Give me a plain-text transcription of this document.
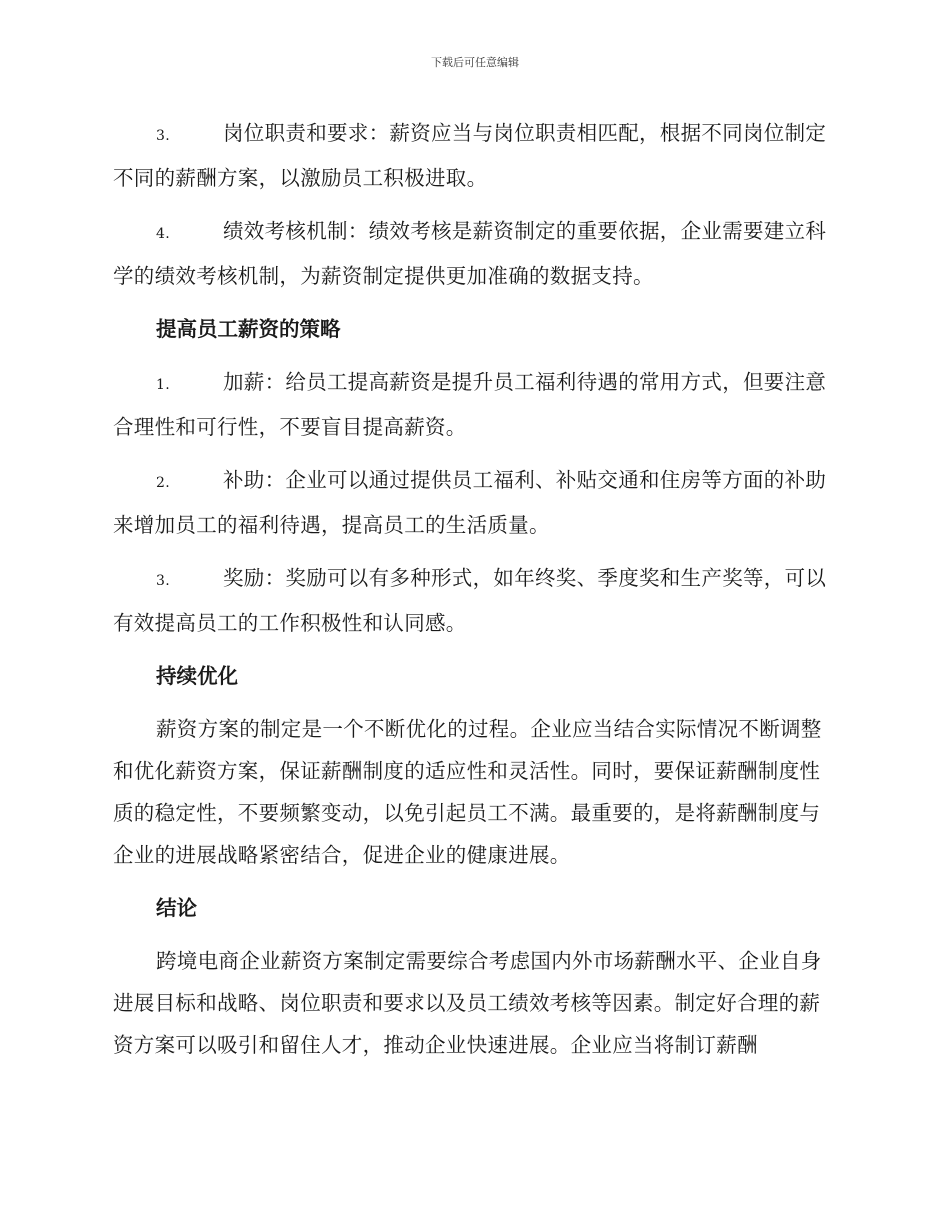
下载后可任意编辑

3.	岗位职责和要求：薪资应当与岗位职责相匹配，根据不同岗位制定不同的薪酬方案，以激励员工积极进取。

4.	绩效考核机制：绩效考核是薪资制定的重要依据，企业需要建立科学的绩效考核机制，为薪资制定提供更加准确的数据支持。

提高员工薪资的策略

1.	加薪：给员工提高薪资是提升员工福利待遇的常用方式，但要注意合理性和可行性，不要盲目提高薪资。

2.	补助：企业可以通过提供员工福利、补贴交通和住房等方面的补助来增加员工的福利待遇，提高员工的生活质量。

3.	奖励：奖励可以有多种形式，如年终奖、季度奖和生产奖等，可以有效提高员工的工作积极性和认同感。

持续优化

薪资方案的制定是一个不断优化的过程。企业应当结合实际情况不断调整和优化薪资方案，保证薪酬制度的适应性和灵活性。同时，要保证薪酬制度性质的稳定性，不要频繁变动，以免引起员工不满。最重要的，是将薪酬制度与企业的进展战略紧密结合，促进企业的健康进展。

结论

跨境电商企业薪资方案制定需要综合考虑国内外市场薪酬水平、企业自身进展目标和战略、岗位职责和要求以及员工绩效考核等因素。制定好合理的薪资方案可以吸引和留住人才，推动企业快速进展。企业应当将制订薪酬
